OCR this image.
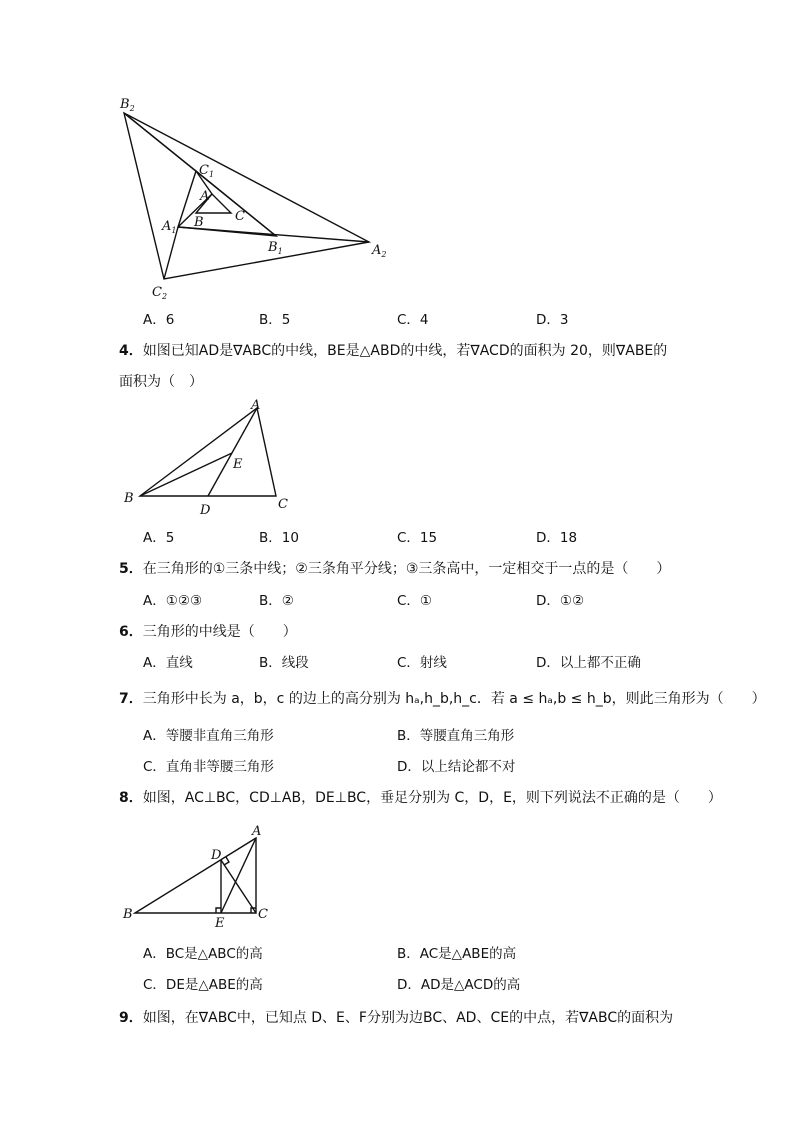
$B_2$
$C_1$
A
C
$A_1$
B
$B_1$	$A_2$
$C_2$
A．6	B．5	C．4	D．3
4．如图已知AD是∇ABC的中线，BE是△ABD的中线，若∇ACD的面积为 20，则∇ABE的
面积为（　）
A
E
B
D	C
A．5	B．10	C．15	D．18
5．在三角形的①三条中线；②三条角平分线；③三条高中，一定相交于一点的是（　　）
A．①②③	B．②	C．①	D．①②
6．三角形的中线是（　　）
A．直线	B．线段	C．射线	D．以上都不正确
7．三角形中长为 a，b，c 的边上的高分别为 hₐ,h_b,h_c．若 a ≤ hₐ,b ≤ h_b，则此三角形为（　　）
A．等腰非直角三角形	B．等腰直角三角形
C．直角非等腰三角形	D．以上结论都不对
8．如图，AC⊥BC，CD⊥AB，DE⊥BC，垂足分别为 C，D，E，则下列说法不正确的是（　　）
A
D
B
E
C
A．BC是△ABC的高	B．AC是△ABE的高
C．DE是△ABE的高	D．AD是△ACD的高
9．如图，在∇ABC中，已知点 D、E、F分别为边BC、AD、CE的中点，若∇ABC的面积为
